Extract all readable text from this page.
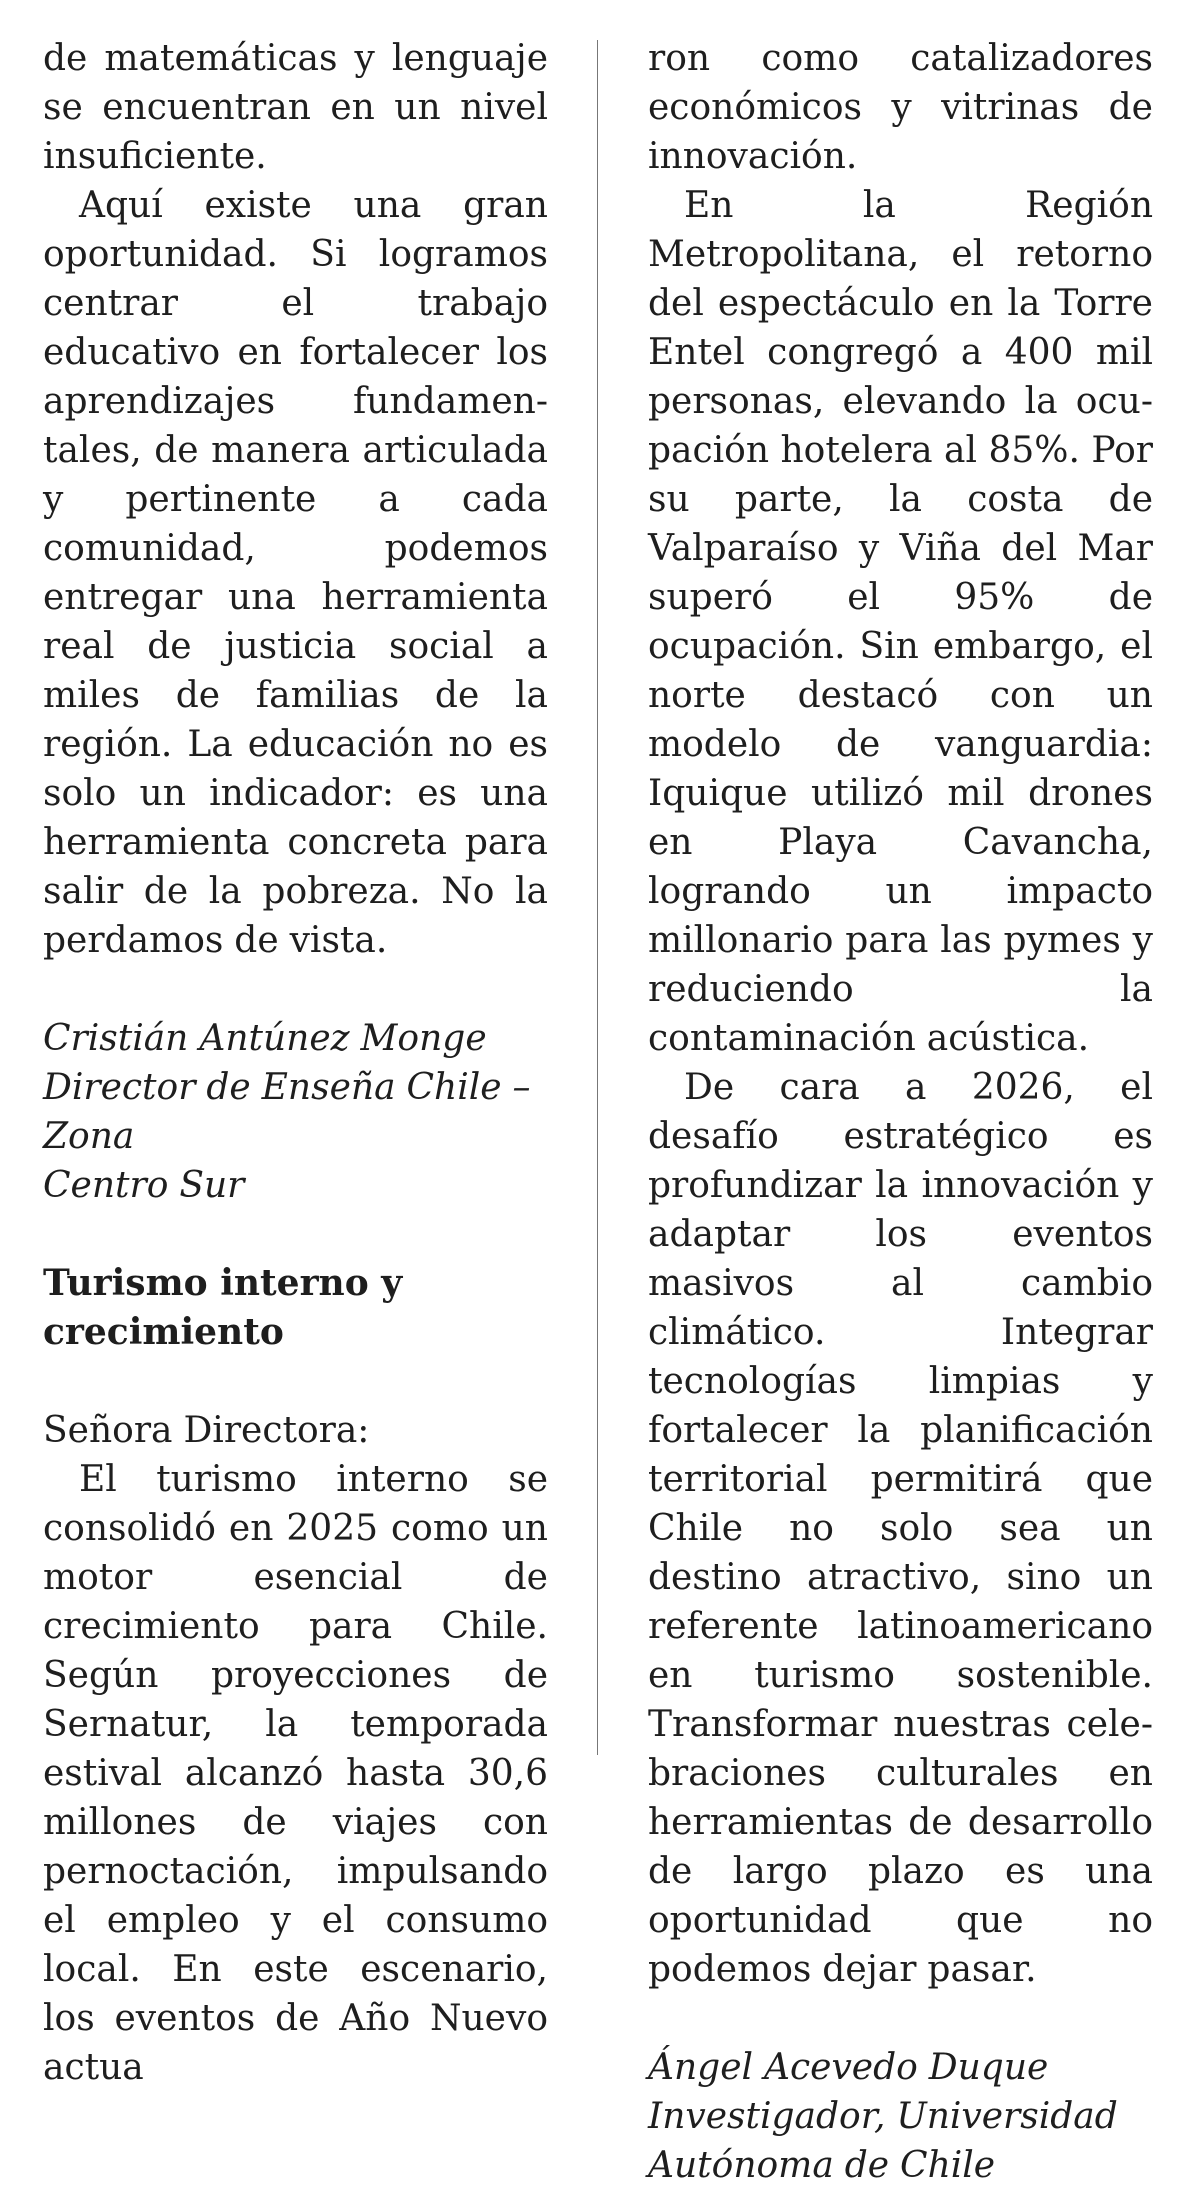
de matemáticas y lenguaje se encuentran en un nivel insuficiente.

Aquí existe una gran oportunidad. Si logramos centrar el trabajo educativo en fortalecer los aprendizajes fundamentales, de manera articulada y pertinente a cada comunidad, podemos entregar una herramienta real de justicia social a miles de familias de la región. La educación no es solo un indicador: es una herramienta concreta para salir de la pobreza. No la perdamos de vista.

Cristián Antúnez Monge

Director de Enseña Chile – Zona

Centro Sur

Turismo interno y
crecimiento

Señora Directora:

El turismo interno se consolidó en 2025 como un motor esencial de crecimiento para Chile. Según proyecciones de Sernatur, la temporada estival alcanzó hasta 30,6 millones de viajes con pernoctación, impulsando el empleo y el consumo local. En este escenario, los eventos de Año Nuevo actua

ron como catalizadores económicos y vitrinas de innovación.

En la Región Metropolitana, el retorno del espectáculo en la Torre Entel congregó a 400 mil personas, elevando la ocupación hotelera al 85%. Por su parte, la costa de Valparaíso y Viña del Mar superó el 95% de ocupación. Sin embargo, el norte destacó con un modelo de vanguardia: Iquique utilizó mil drones en Playa Cavancha, logrando un impacto millonario para las pymes y reduciendo la contaminación acústica.

De cara a 2026, el desafío estratégico es profundizar la innovación y adaptar los eventos masivos al cambio climático. Integrar tecnologías limpias y fortalecer la planificación territorial permitirá que Chile no solo sea un destino atractivo, sino un referente latinoamericano en turismo sostenible. Transformar nuestras celebraciones culturales en herramientas de desarrollo de largo plazo es una oportunidad que no podemos dejar pasar.

Ángel Acevedo Duque

Investigador, Universidad

Autónoma de Chile
